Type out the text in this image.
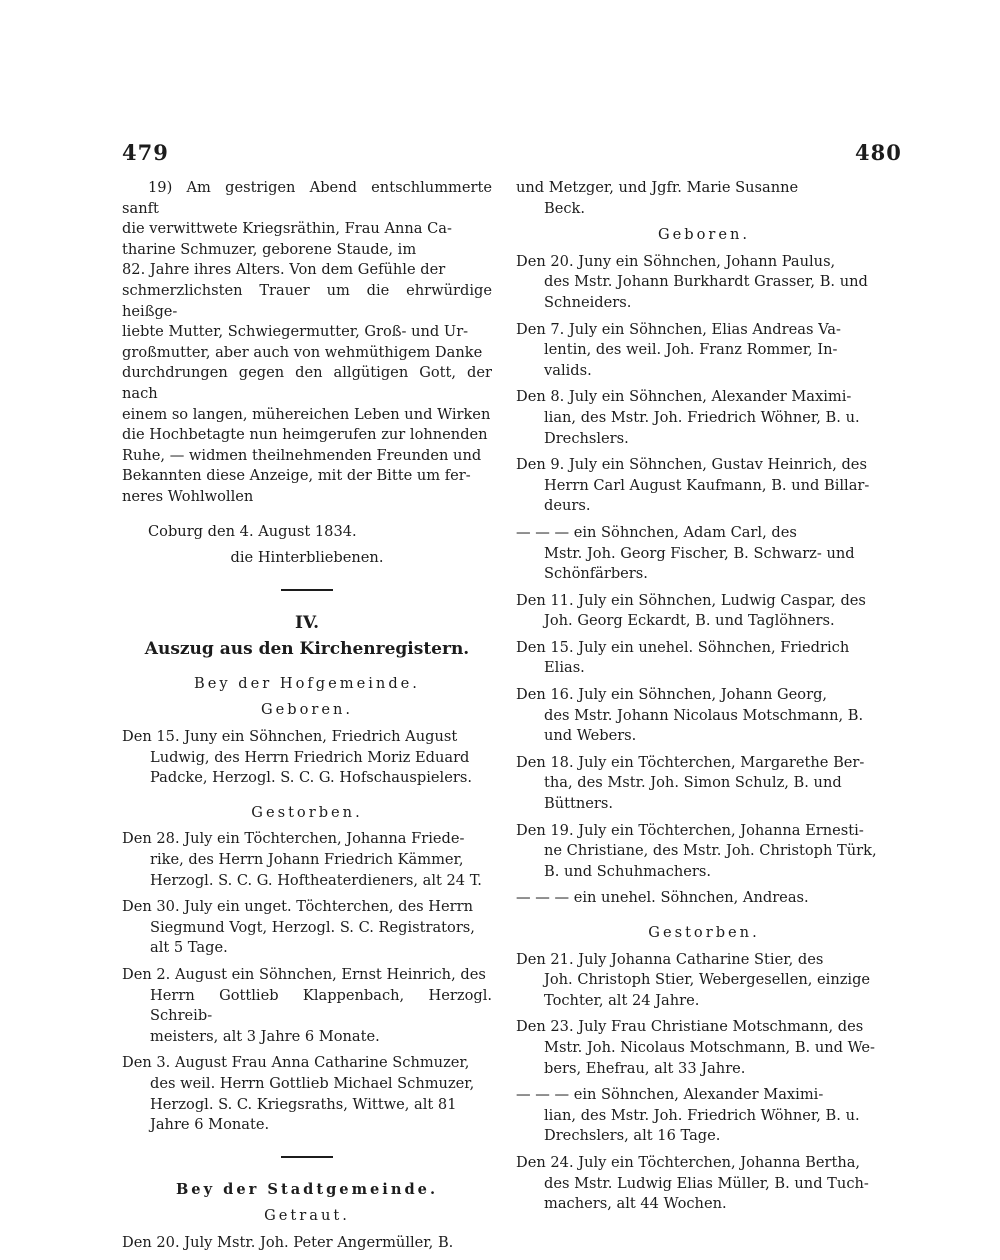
479	480

19) Am gestrigen Abend entschlummerte sanft
die verwittwete Kriegsräthin, Frau Anna Ca-
tharine Schmuzer, geborene Staude, im
82. Jahre ihres Alters. Von dem Gefühle der
schmerzlichsten Trauer um die ehrwürdige heißge-
liebte Mutter, Schwiegermutter, Groß- und Ur-
großmutter, aber auch von wehmüthigem Danke
durchdrungen gegen den allgütigen Gott, der nach
einem so langen, mühereichen Leben und Wirken
die Hochbetagte nun heimgerufen zur lohnenden
Ruhe, — widmen theilnehmenden Freunden und
Bekannten diese Anzeige, mit der Bitte um fer-
neres Wohlwollen

Coburg den 4. August 1834.

die Hinterbliebenen.

IV.

Auszug aus den Kirchenregistern.

Bey der Hofgemeinde.

Geboren.

Den 15. Juny ein Söhnchen, Friedrich August
Ludwig, des Herrn Friedrich Moriz Eduard
Padcke, Herzogl. S. C. G. Hofschauspielers.

Gestorben.

Den 28. July ein Töchterchen, Johanna Friede-
rike, des Herrn Johann Friedrich Kämmer,
Herzogl. S. C. G. Hoftheaterdieners, alt 24 T.

Den 30. July ein unget. Töchterchen, des Herrn
Siegmund Vogt, Herzogl. S. C. Registrators,
alt 5 Tage.

Den 2. August ein Söhnchen, Ernst Heinrich, des
Herrn Gottlieb Klappenbach, Herzogl. Schreib-
meisters, alt 3 Jahre 6 Monate.

Den 3. August Frau Anna Catharine Schmuzer,
des weil. Herrn Gottlieb Michael Schmuzer,
Herzogl. S. C. Kriegsraths, Wittwe, alt 81
Jahre 6 Monate.

Bey der Stadtgemeinde.

Getraut.

Den 20. July Mstr. Joh. Peter Angermüller, B.

und Metzger, und Jgfr. Marie Susanne
Beck.

Geboren.

Den 20. Juny ein Söhnchen, Johann Paulus,
des Mstr. Johann Burkhardt Grasser, B. und
Schneiders.

Den 7. July ein Söhnchen, Elias Andreas Va-
lentin, des weil. Joh. Franz Rommer, In-
valids.

Den 8. July ein Söhnchen, Alexander Maximi-
lian, des Mstr. Joh. Friedrich Wöhner, B. u.
Drechslers.

Den 9. July ein Söhnchen, Gustav Heinrich, des
Herrn Carl August Kaufmann, B. und Billar-
deurs.

— — — ein Söhnchen, Adam Carl, des
Mstr. Joh. Georg Fischer, B. Schwarz- und
Schönfärbers.

Den 11. July ein Söhnchen, Ludwig Caspar, des
Joh. Georg Eckardt, B. und Taglöhners.

Den 15. July ein unehel. Söhnchen, Friedrich
Elias.

Den 16. July ein Söhnchen, Johann Georg,
des Mstr. Johann Nicolaus Motschmann, B.
und Webers.

Den 18. July ein Töchterchen, Margarethe Ber-
tha, des Mstr. Joh. Simon Schulz, B. und
Büttners.

Den 19. July ein Töchterchen, Johanna Ernesti-
ne Christiane, des Mstr. Joh. Christoph Türk,
B. und Schuhmachers.

— — — ein unehel. Söhnchen, Andreas.

Gestorben.

Den 21. July Johanna Catharine Stier, des
Joh. Christoph Stier, Webergesellen, einzige
Tochter, alt 24 Jahre.

Den 23. July Frau Christiane Motschmann, des
Mstr. Joh. Nicolaus Motschmann, B. und We-
bers, Ehefrau, alt 33 Jahre.

— — — ein Söhnchen, Alexander Maximi-
lian, des Mstr. Joh. Friedrich Wöhner, B. u.
Drechslers, alt 16 Tage.

Den 24. July ein Töchterchen, Johanna Bertha,
des Mstr. Ludwig Elias Müller, B. und Tuch-
machers, alt 44 Wochen.
